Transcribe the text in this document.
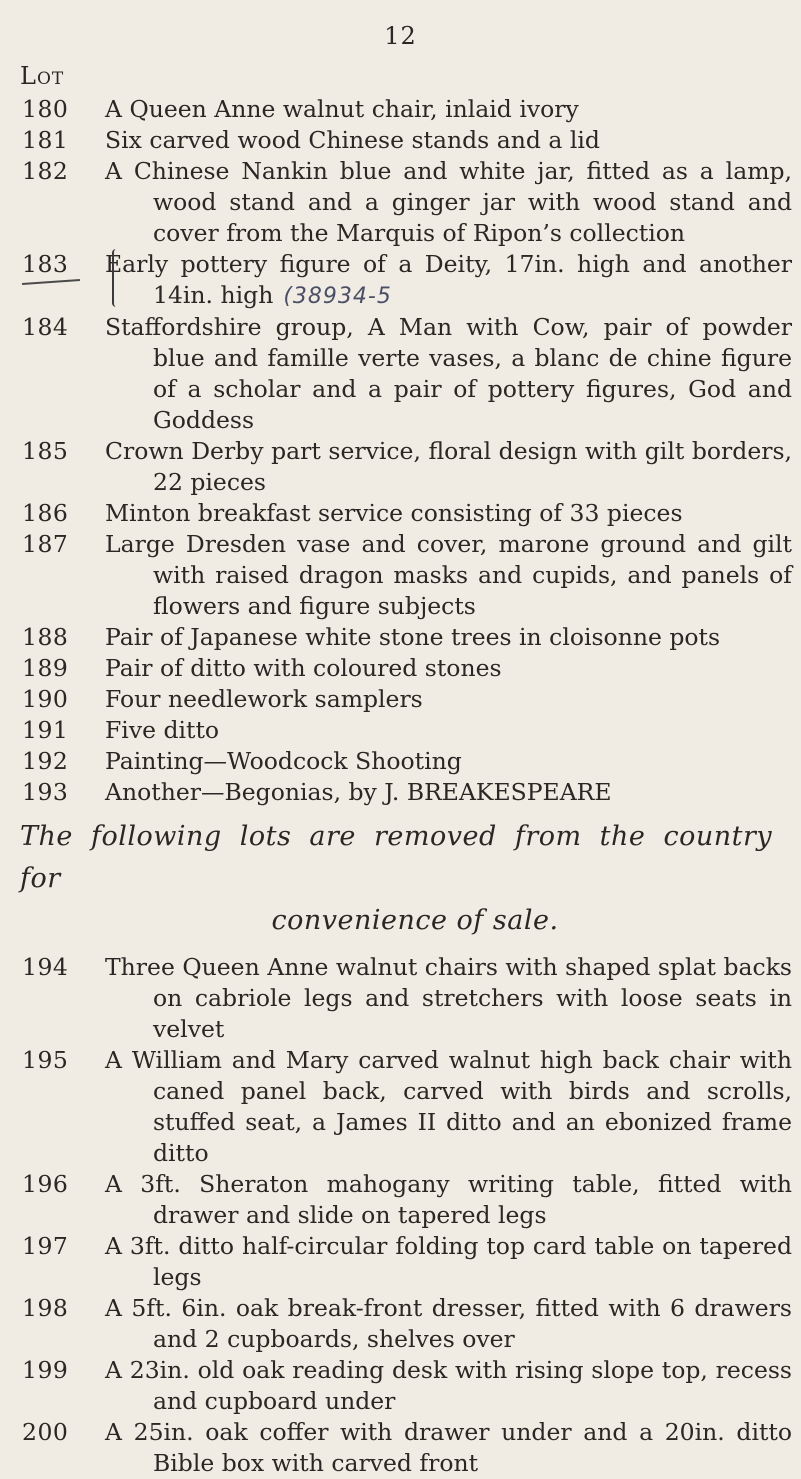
12
Lot
180	A Queen Anne walnut chair, inlaid ivory
181	Six carved wood Chinese stands and a lid
182	A Chinese Nankin blue and white jar, fitted as a lamp, wood stand and a ginger jar with wood stand and cover from the Marquis of Ripon’s collection
183	Early pottery figure of a Deity, 17in. high and another 14in. high (38934-5
184	Staffordshire group, A Man with Cow, pair of powder blue and famille verte vases, a blanc de chine figure of a scholar and a pair of pottery figures, God and Goddess
185	Crown Derby part service, floral design with gilt borders, 22 pieces
186	Minton breakfast service consisting of 33 pieces
187	Large Dresden vase and cover, marone ground and gilt with raised dragon masks and cupids, and panels of flowers and figure subjects
188	Pair of Japanese white stone trees in cloisonne pots
189	Pair of ditto with coloured stones
190	Four needlework samplers
191	Five ditto
192	Painting—Woodcock Shooting
193	Another—Begonias, by J. BREAKESPEARE
The following lots are removed from the country for
convenience of sale.
194	Three Queen Anne walnut chairs with shaped splat backs on cabriole legs and stretchers with loose seats in velvet
195	A William and Mary carved walnut high back chair with caned panel back, carved with birds and scrolls, stuffed seat, a James II ditto and an ebonized frame ditto
196	A 3ft. Sheraton mahogany writing table, fitted with drawer and slide on tapered legs
197	A 3ft. ditto half-circular folding top card table on tapered legs
198	A 5ft. 6in. oak break-front dresser, fitted with 6 drawers and 2 cupboards, shelves over
199	A 23in. old oak reading desk with rising slope top, recess and cupboard under
200	A 25in. oak coffer with drawer under and a 20in. ditto Bible box with carved front
